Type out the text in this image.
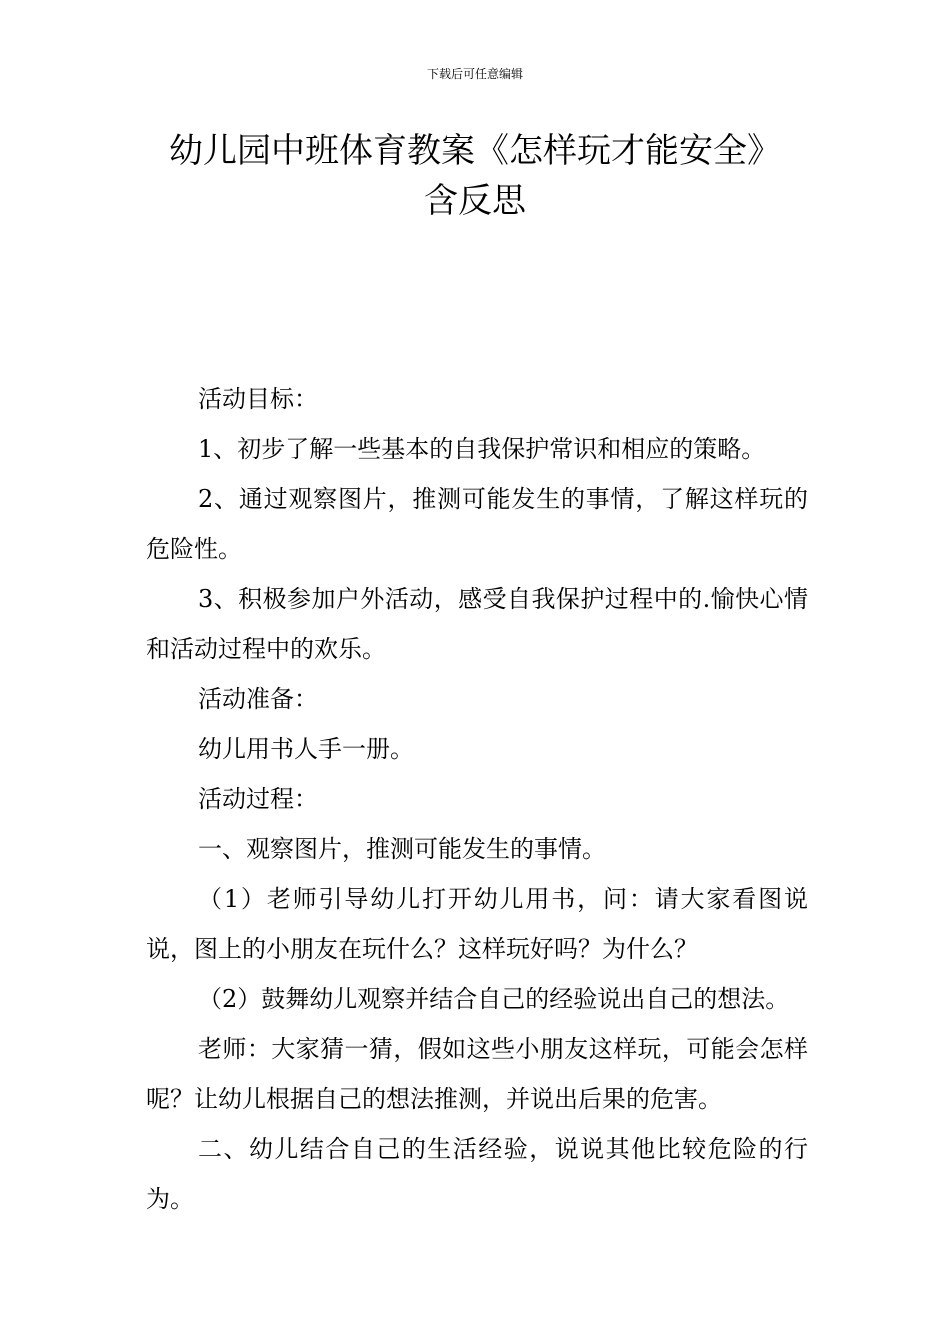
下载后可任意编辑
幼儿园中班体育教案《怎样玩才能安全》
含反思

活动目标：

1、初步了解一些基本的自我保护常识和相应的策略。

2、通过观察图片，推测可能发生的事情，了解这样玩的危险性。

3、积极参加户外活动，感受自我保护过程中的.愉快心情和活动过程中的欢乐。

活动准备：

幼儿用书人手一册。

活动过程：

一、观察图片，推测可能发生的事情。

（1）老师引导幼儿打开幼儿用书，问：请大家看图说说，图上的小朋友在玩什么？这样玩好吗？为什么？

（2）鼓舞幼儿观察并结合自己的经验说出自己的想法。

老师：大家猜一猜，假如这些小朋友这样玩，可能会怎样呢？让幼儿根据自己的想法推测，并说出后果的危害。

二、幼儿结合自己的生活经验，说说其他比较危险的行为。
